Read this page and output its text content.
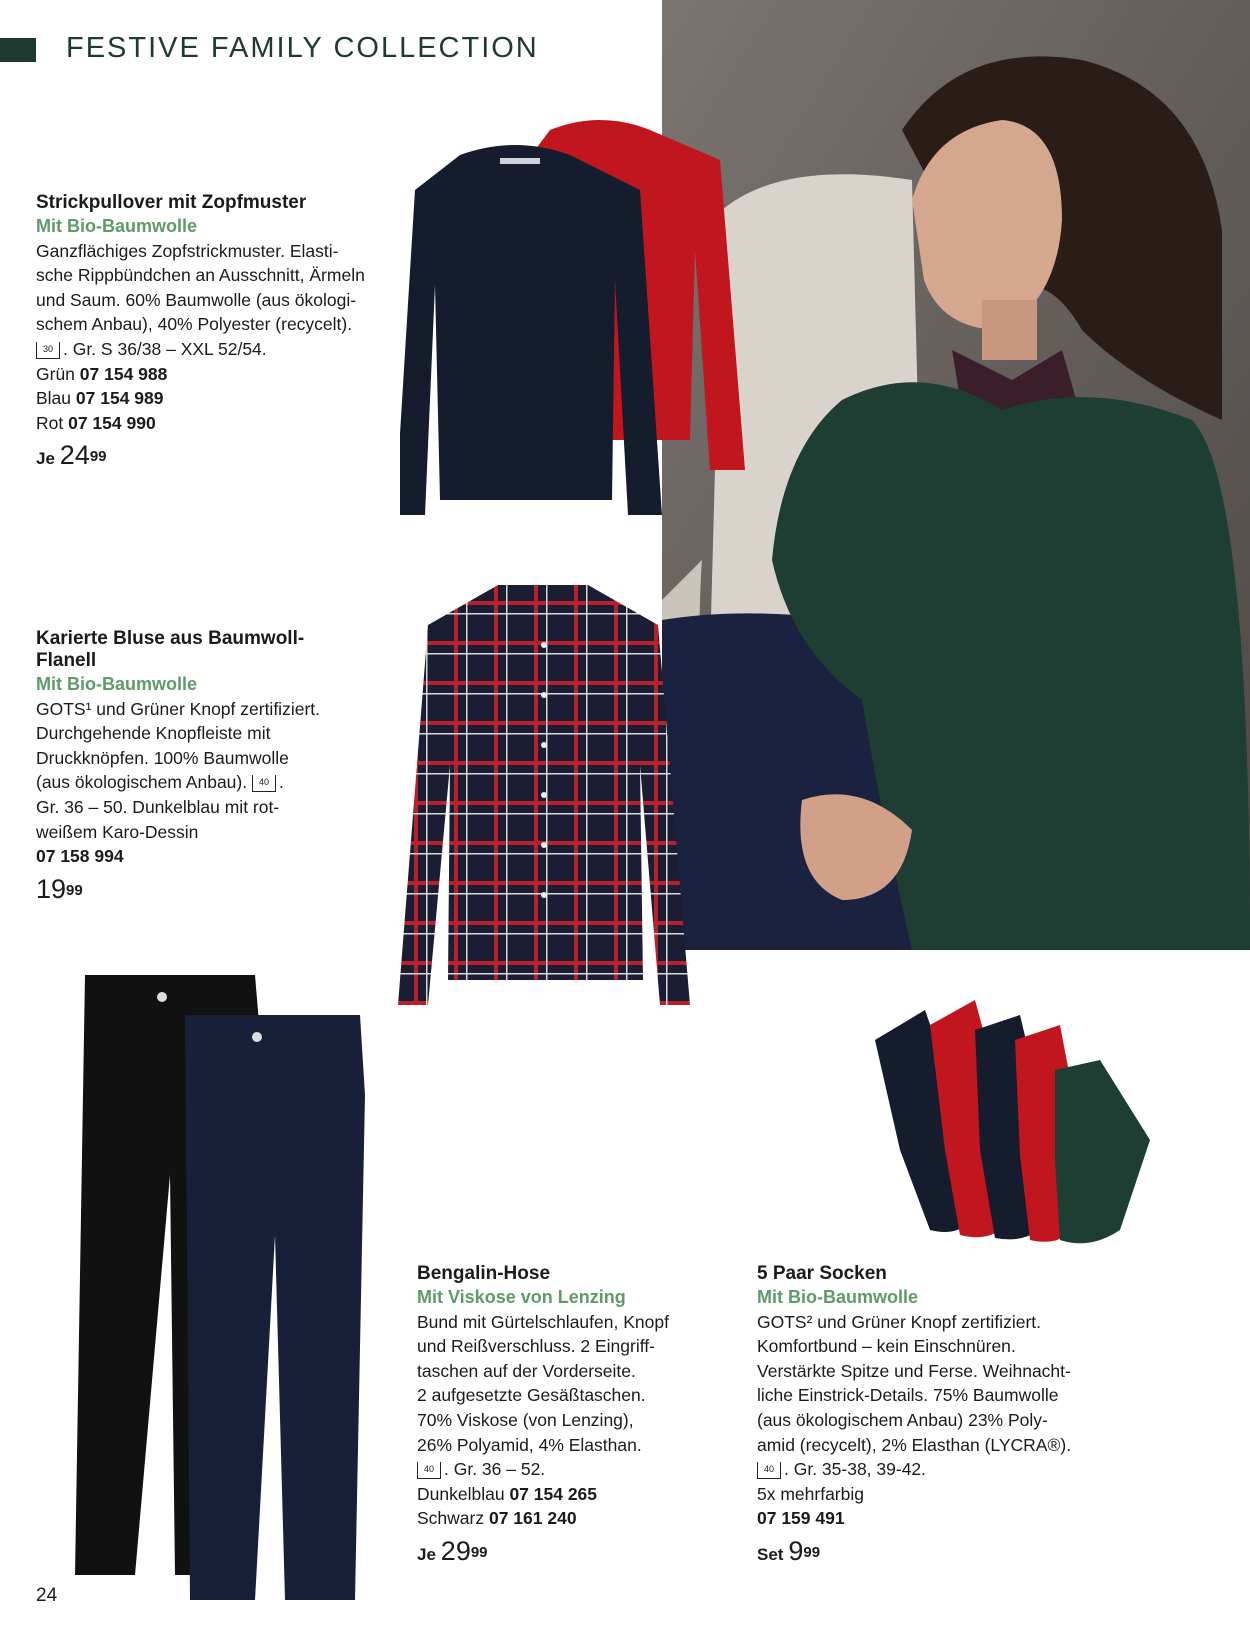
FESTIVE FAMILY COLLECTION
Strickpullover mit Zopfmuster
Mit Bio-Baumwolle
Ganzflächiges Zopfstrickmuster. Elasti-
sche Rippbündchen an Ausschnitt, Ärmeln
und Saum. 60% Baumwolle (aus ökologi-
schem Anbau), 40% Polyester (recycelt).
30 . Gr. S 36/38 – XXL 52/54.
Grün 07 154 988
Blau 07 154 989
Rot 07 154 990
Je 2499
Karierte Bluse aus Baumwoll-
Flanell
Mit Bio-Baumwolle
GOTS¹ und Grüner Knopf zertifiziert.
Durchgehende Knopfleiste mit
Druckknöpfen. 100% Baumwolle
(aus ökologischem Anbau). 40 .
Gr. 36 – 50. Dunkelblau mit rot-
weißem Karo-Dessin
07 158 994
1999
Bengalin-Hose
Mit Viskose von Lenzing
Bund mit Gürtelschlaufen, Knopf
und Reißverschluss. 2 Eingriff-
taschen auf der Vorderseite.
2 aufgesetzte Gesäßtaschen.
70% Viskose (von Lenzing),
26% Polyamid, 4% Elasthan.
40 . Gr. 36 – 52.
Dunkelblau 07 154 265
Schwarz 07 161 240
Je 2999
5 Paar Socken
Mit Bio-Baumwolle
GOTS² und Grüner Knopf zertifiziert.
Komfortbund – kein Einschnüren.
Verstärkte Spitze und Ferse. Weihnacht-
liche Einstrick-Details. 75% Baumwolle
(aus ökologischem Anbau) 23% Poly-
amid (recycelt), 2% Elasthan (LYCRA®).
40 . Gr. 35-38, 39-42.
5x mehrfarbig
07 159 491
Set 999
24
